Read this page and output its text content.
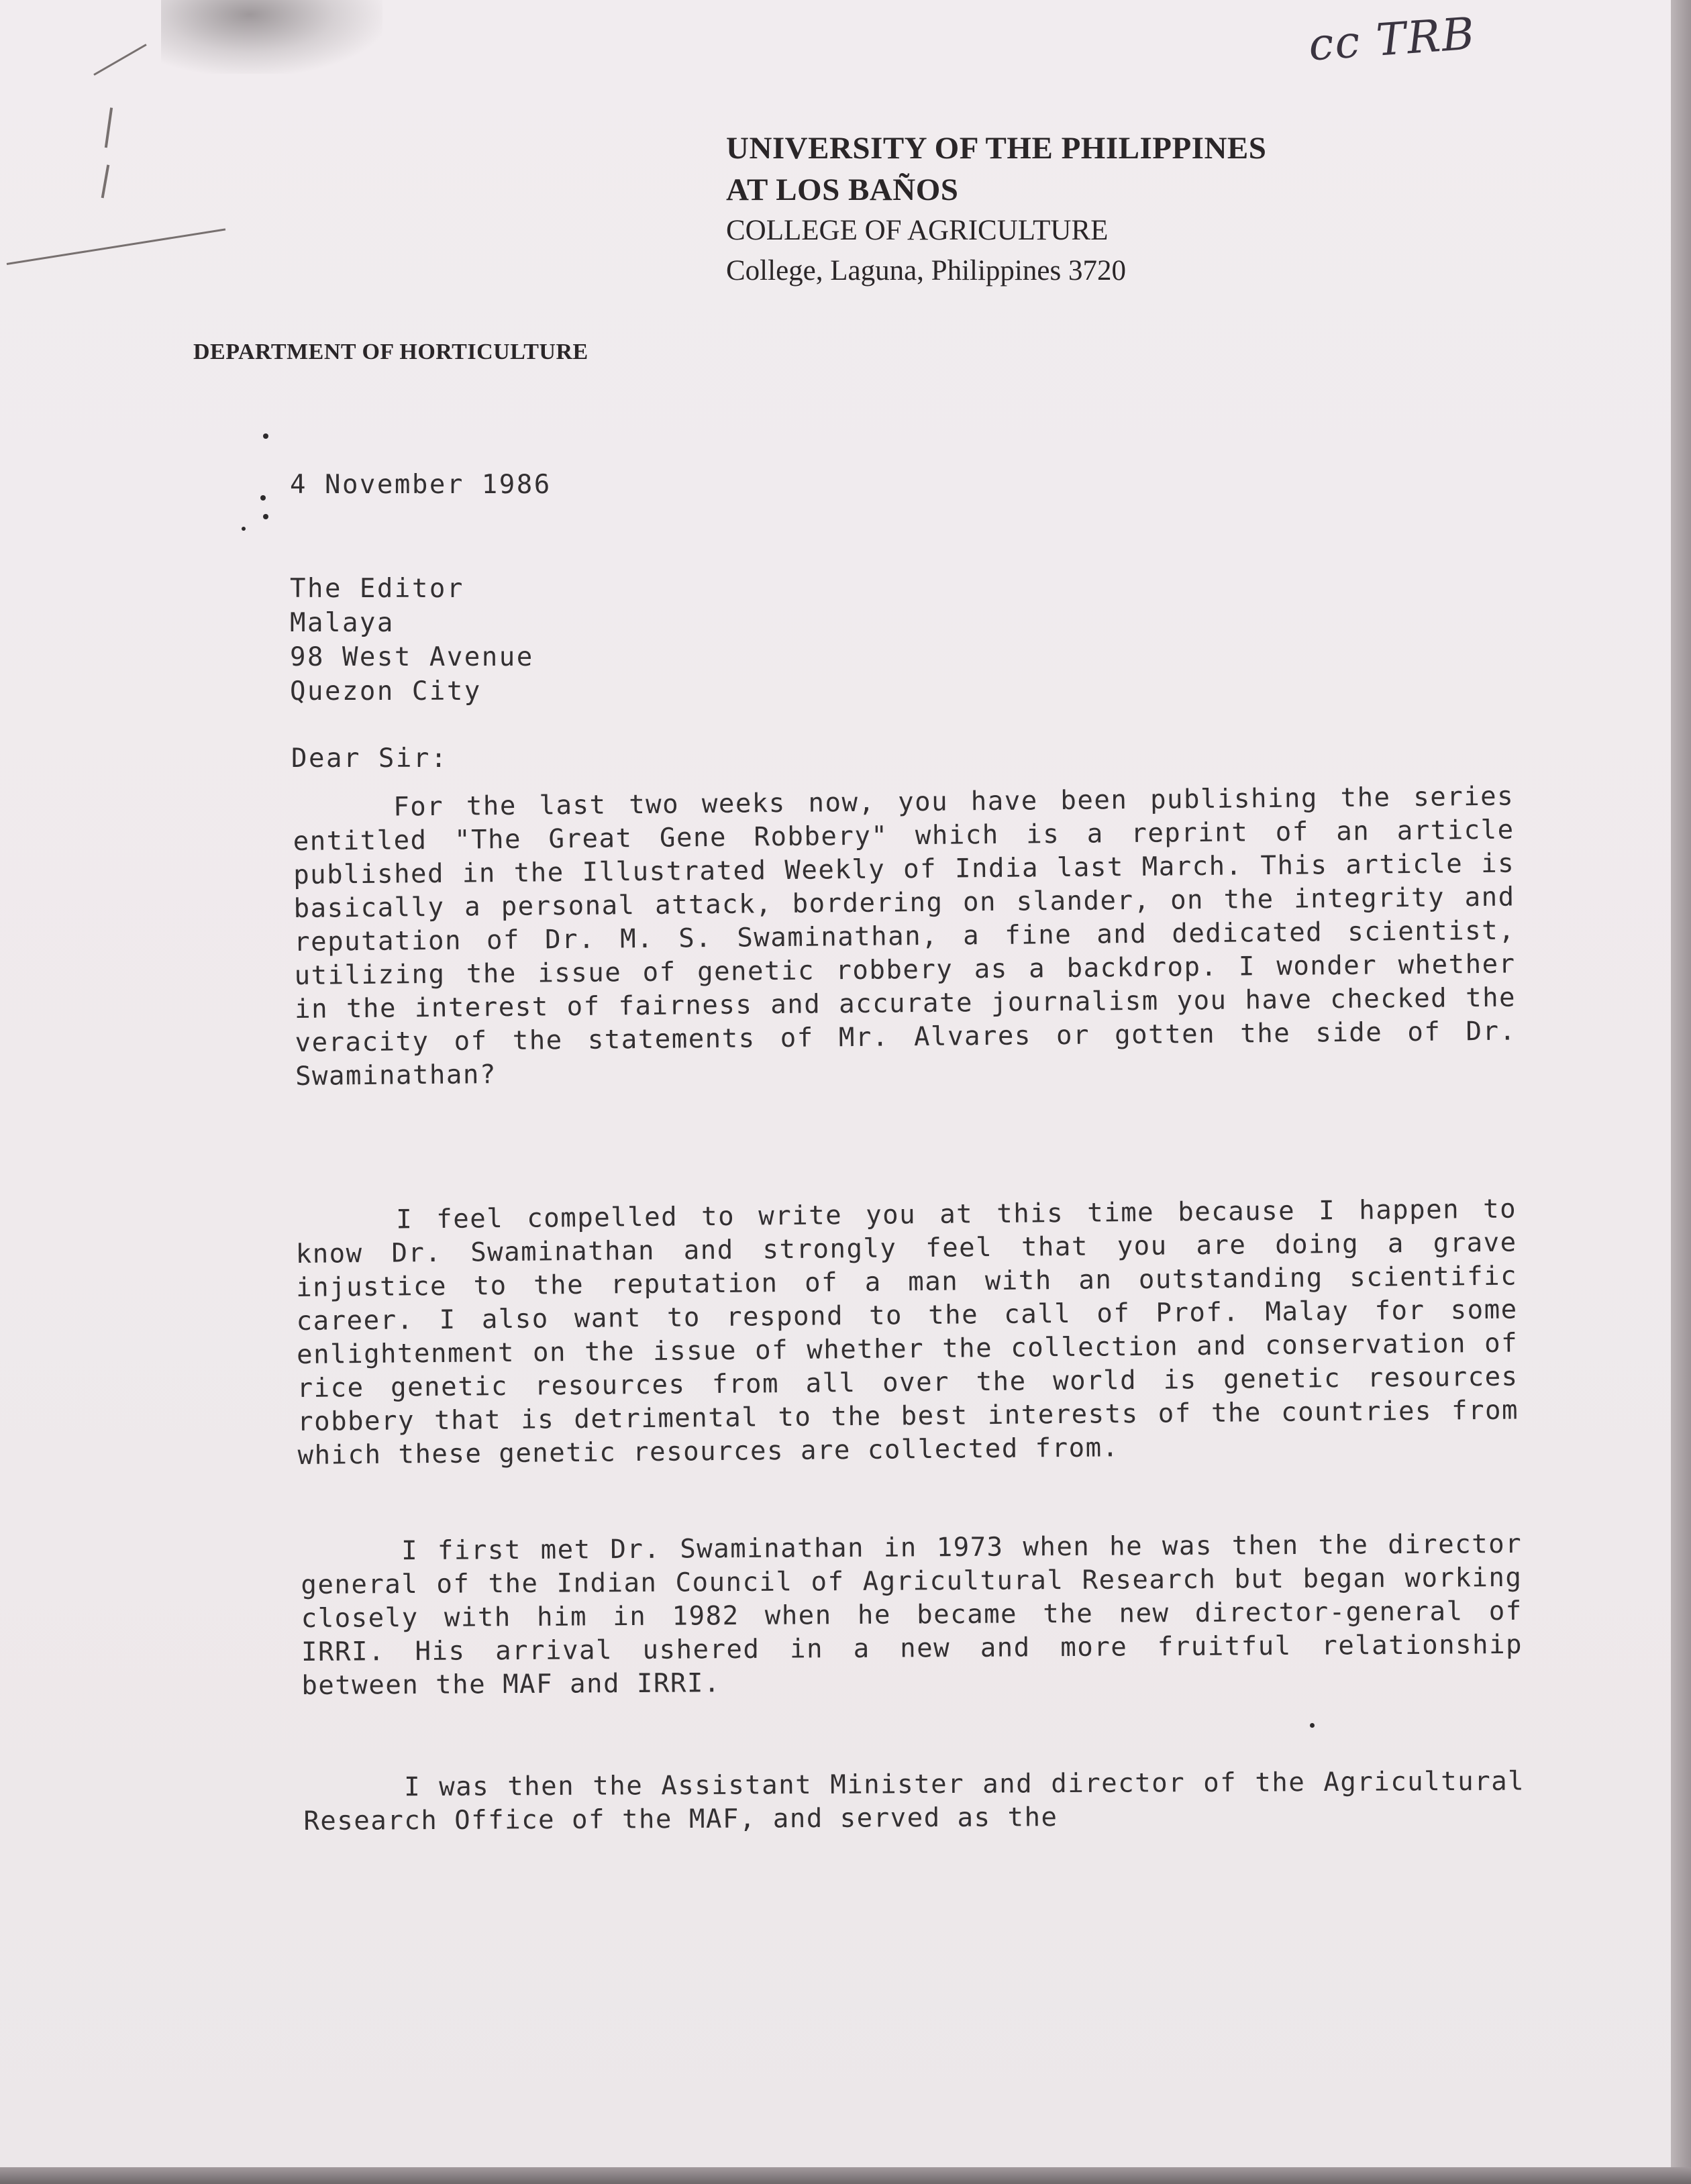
cc TRB
UNIVERSITY OF THE PHILIPPINES
AT LOS BAÑOS
COLLEGE OF AGRICULTURE
College, Laguna, Philippines 3720
DEPARTMENT OF HORTICULTURE
4 November 1986
The Editor
Malaya
98 West Avenue
Quezon City
Dear Sir:

For the last two weeks now, you have been publishing the series entitled "The Great Gene Robbery" which is a reprint of an article published in the Illustrated Weekly of India last March. This article is basically a personal attack, bordering on slander, on the integrity and reputation of Dr. M. S. Swaminathan, a fine and dedicated scientist, utilizing the issue of genetic robbery as a backdrop. I wonder whether in the interest of fairness and accurate journalism you have checked the veracity of the statements of Mr. Alvares or gotten the side of Dr. Swaminathan?

I feel compelled to write you at this time because I happen to know Dr. Swaminathan and strongly feel that you are doing a grave injustice to the reputation of a man with an outstanding scientific career. I also want to respond to the call of Prof. Malay for some enlightenment on the issue of whether the collection and conservation of rice genetic resources from all over the world is genetic resources robbery that is detrimental to the best interests of the countries from which these genetic resources are collected from.

I first met Dr. Swaminathan in 1973 when he was then the director general of the Indian Council of Agricultural Research but began working closely with him in 1982 when he became the new director-general of IRRI. His arrival ushered in a new and more fruitful relationship between the MAF and IRRI.

I was then the Assistant Minister and director of the Agricultural Research Office of the MAF, and served as the
